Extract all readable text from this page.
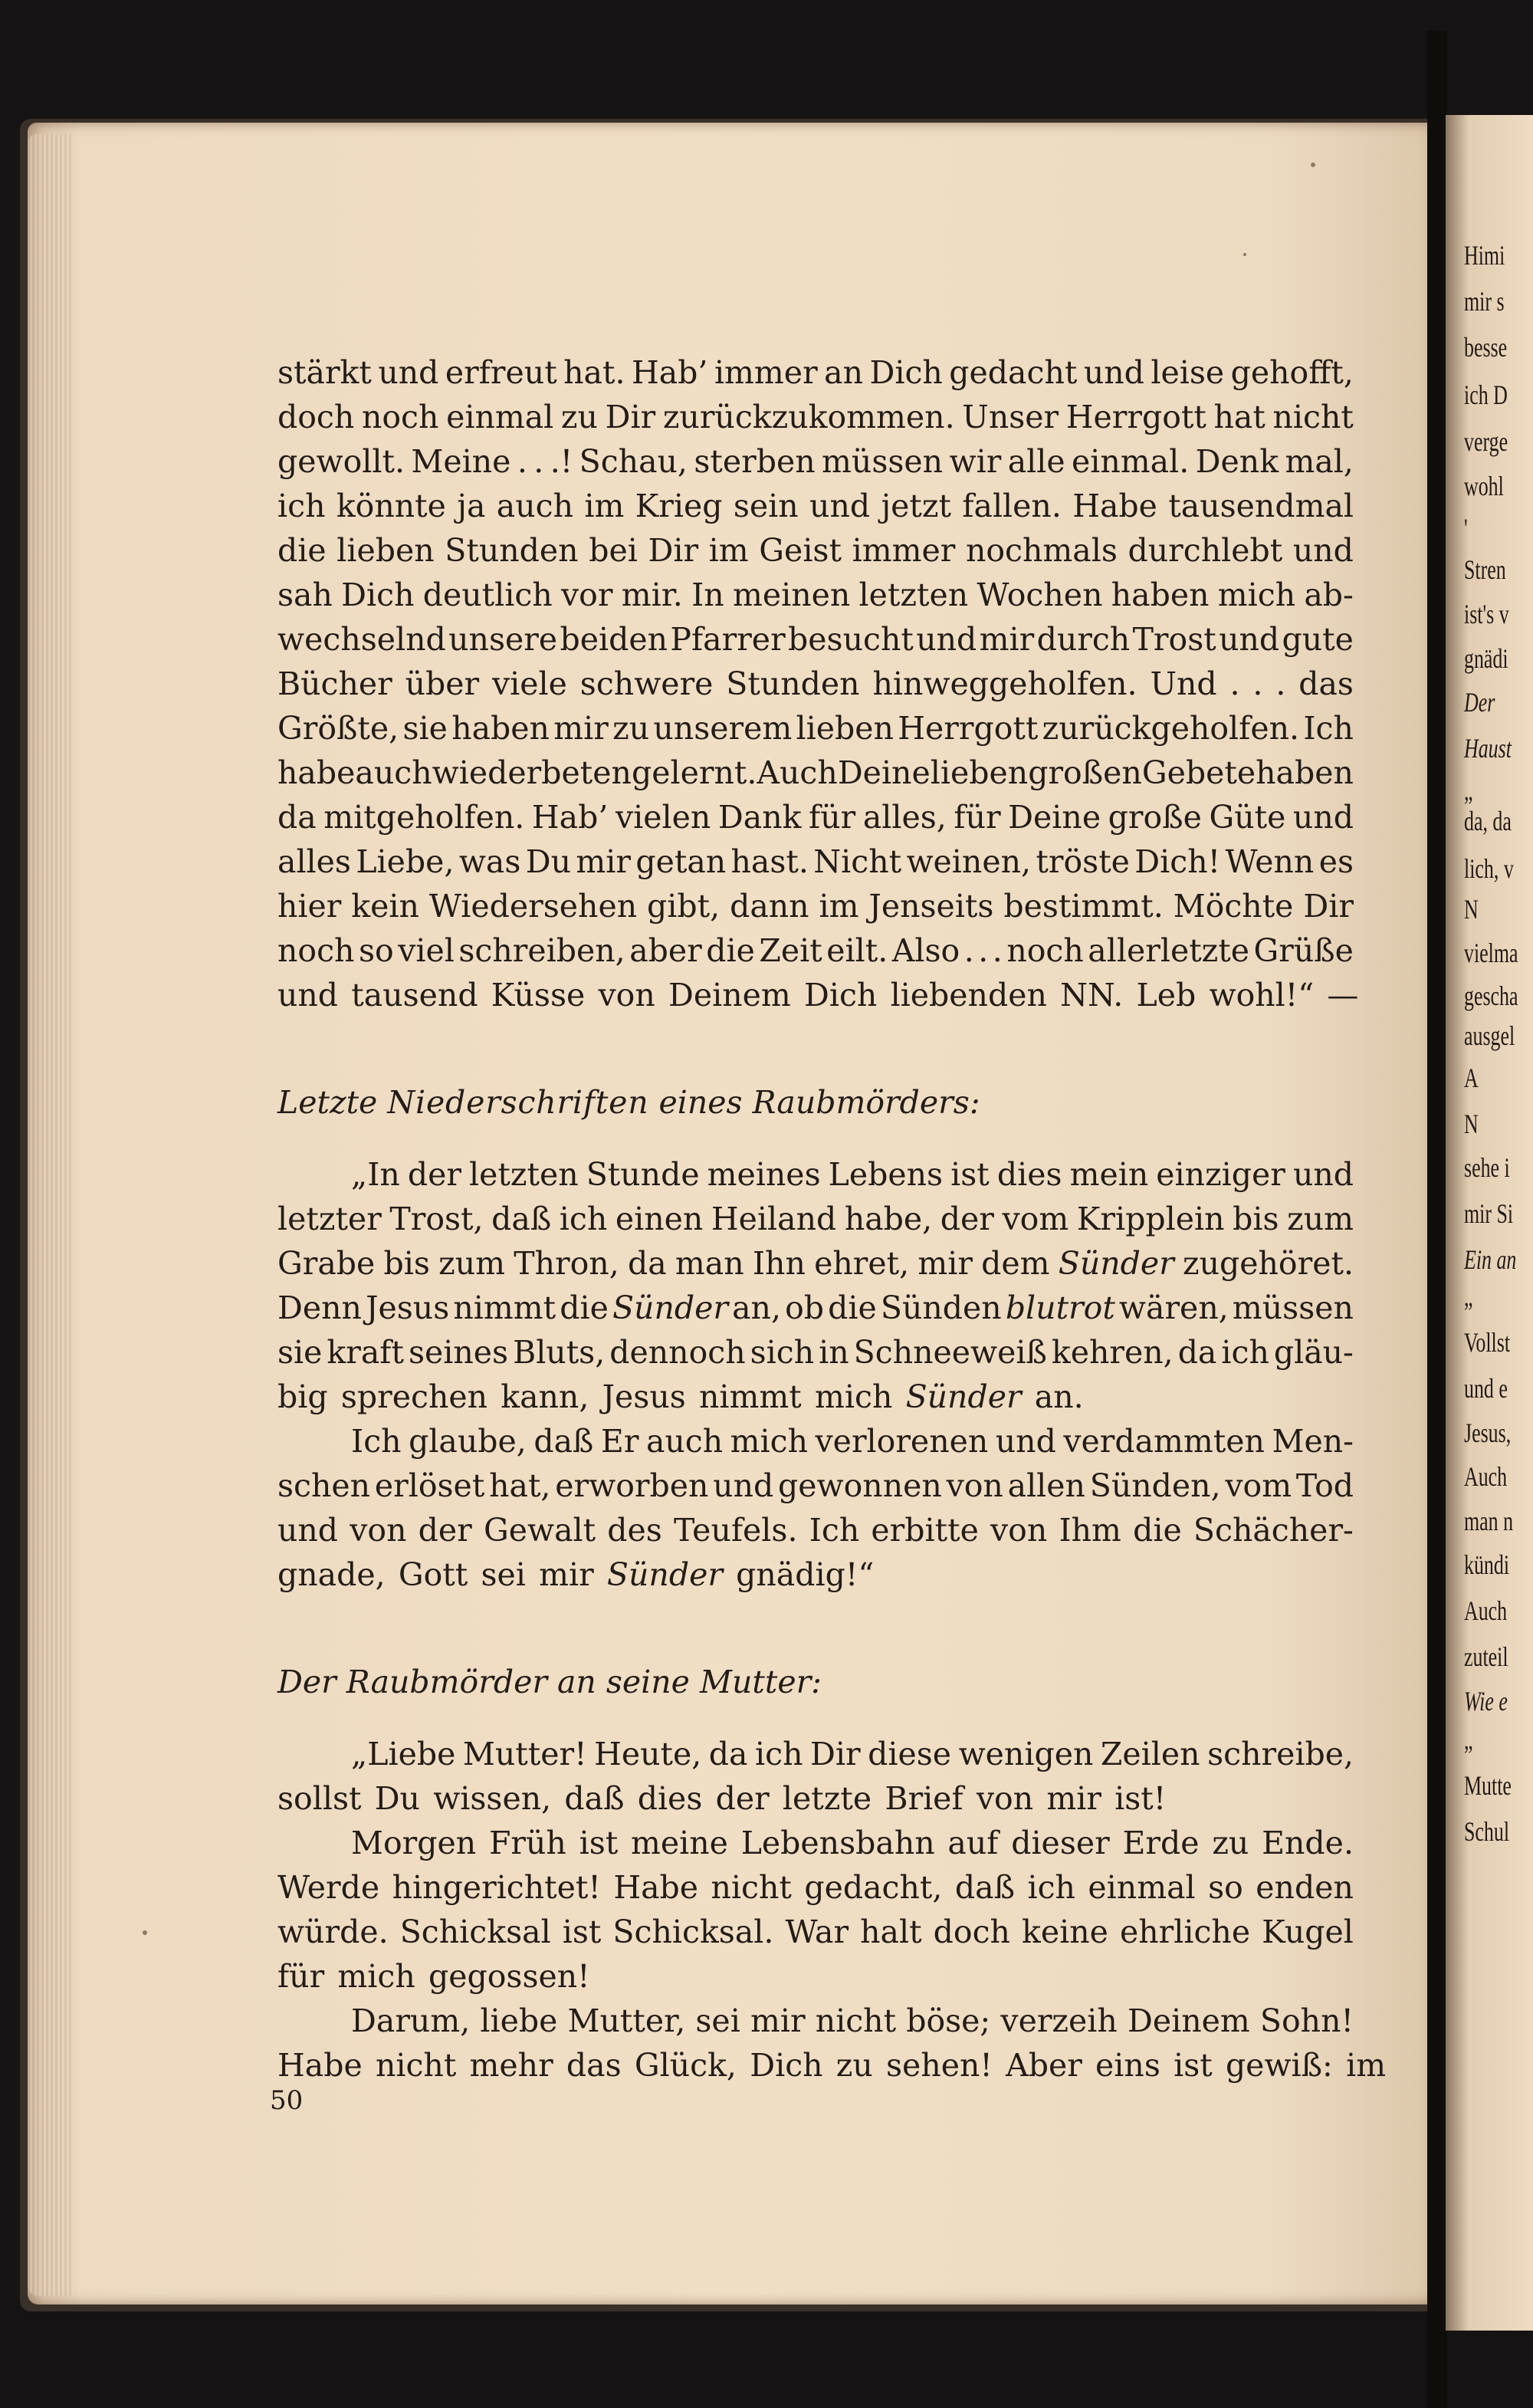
Himi

mir s

besse

ich D

verge

wohl

'

Stren

ist's v

gnädi

Der

Haust

„

da, da

lich, v

N

vielma

gescha

ausgel

A

N

sehe i

mir Si

Ein an

„

Vollst

und e

Jesus,

Auch

man n

kündi

Auch

zuteil

Wie e

„

Mutte

Schul

stärkt und erfreut hat. Hab’ immer an Dich gedacht und leise gehofft,
doch noch einmal zu Dir zurückzukommen. Unser Herrgott hat nicht
gewollt. Meine . . .! Schau, sterben müssen wir alle einmal. Denk mal,
ich könnte ja auch im Krieg sein und jetzt fallen. Habe tausendmal
die lieben Stunden bei Dir im Geist immer nochmals durchlebt und
sah Dich deutlich vor mir. In meinen letzten Wochen haben mich ab-
wechselnd unsere beiden Pfarrer besucht und mir durch Trost und gute
Bücher über viele schwere Stunden hinweggeholfen. Und . . . das
Größte, sie haben mir zu unserem lieben Herrgott zurückgeholfen. Ich
habe auch wieder beten gelernt. Auch Deine lieben großen Gebete haben
da mitgeholfen. Hab’ vielen Dank für alles, für Deine große Güte und
alles Liebe, was Du mir getan hast. Nicht weinen, tröste Dich! Wenn es
hier kein Wiedersehen gibt, dann im Jenseits bestimmt. Möchte Dir
noch so viel schreiben, aber die Zeit eilt. Also . . . noch allerletzte Grüße
und tausend Küsse von Deinem Dich liebenden NN. Leb wohl!“ —
Letzte Niederschriften eines Raubmörders:
„In der letzten Stunde meines Lebens ist dies mein einziger und
letzter Trost, daß ich einen Heiland habe, der vom Kripplein bis zum
Grabe bis zum Thron, da man Ihn ehret, mir dem Sünder zugehöret.
Denn Jesus nimmt die Sünder an, ob die Sünden blutrot wären, müssen
sie kraft seines Bluts, dennoch sich in Schneeweiß kehren, da ich gläu-
big sprechen kann, Jesus nimmt mich Sünder an.
Ich glaube, daß Er auch mich verlorenen und verdammten Men-
schen erlöset hat, erworben und gewonnen von allen Sünden, vom Tod
und von der Gewalt des Teufels. Ich erbitte von Ihm die Schächer-
gnade, Gott sei mir Sünder gnädig!“
Der Raubmörder an seine Mutter:
„Liebe Mutter! Heute, da ich Dir diese wenigen Zeilen schreibe,
sollst Du wissen, daß dies der letzte Brief von mir ist!
Morgen Früh ist meine Lebensbahn auf dieser Erde zu Ende.
Werde hingerichtet! Habe nicht gedacht, daß ich einmal so enden
würde. Schicksal ist Schicksal. War halt doch keine ehrliche Kugel
für mich gegossen!
Darum, liebe Mutter, sei mir nicht böse; verzeih Deinem Sohn!
Habe nicht mehr das Glück, Dich zu sehen! Aber eins ist gewiß: im
50
